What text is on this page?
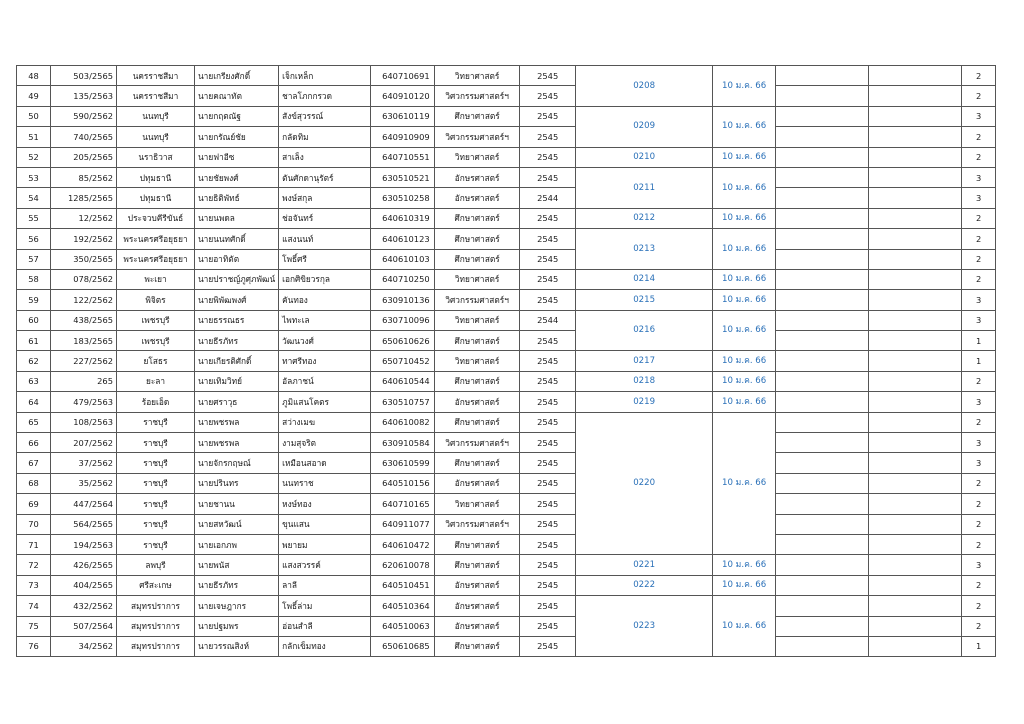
48	503/2565	นครราชสีมา	นายเกรียงศักดิ์	เจ็กเหล็ก	640710691	วิทยาศาสตร์	2545	0208	10 ม.ค. 66			2
49	135/2563	นครราชสีมา	นายคณาทัต	ชาลโภกกรวด	640910120	วิศวกรรมศาสตร์ฯ	2545					2
50	590/2562	นนทบุรี	นายกฤตณัฐ	สังข์สุวรรณ์	630610119	ศึกษาศาสตร์	2545	0209	10 ม.ค. 66			3
51	740/2565	นนทบุรี	นายกรัณย์ชัย	กลัดทิม	640910909	วิศวกรรมศาสตร์ฯ	2545					2
52	205/2565	นราธิวาส	นายฟาอีซ	สาเล็ง	640710551	วิทยาศาสตร์	2545	0210	10 ม.ค. 66			2
53	85/2562	ปทุมธานี	นายชัยพงศ์	ตันศักดานุรัตร์	630510521	อักษรศาสตร์	2545	0211	10 ม.ค. 66			3
54	1285/2565	ปทุมธานี	นายธิติพัทธ์	พงษ์สกุล	630510258	อักษรศาสตร์	2544					3
55	12/2562	ประจวบคีรีขันธ์	นายนพดล	ช่อจันทร์	640610319	ศึกษาศาสตร์	2545	0212	10 ม.ค. 66			2
56	192/2562	พระนครศรีอยุธยา	นายนนทศักดิ์	แสงนนท์	640610123	ศึกษาศาสตร์	2545	0213	10 ม.ค. 66			2
57	350/2565	พระนครศรีอยุธยา	นายอาทิตัต	โพธิ์ศรี	640610103	ศึกษาศาสตร์	2545					2
58	078/2562	พะเยา	นายปราชญ์ภูศุภพัฒน์	เอกศิขิยวรกุล	640710250	วิทยาศาสตร์	2545	0214	10 ม.ค. 66			2
59	122/2562	พิจิตร	นายพิพัฒพงศ์	คันทอง	630910136	วิศวกรรมศาสตร์ฯ	2545	0215	10 ม.ค. 66			3
60	438/2565	เพชรบุรี	นายธรรณธร	ไพทะเล	630710096	วิทยาศาสตร์	2544	0216	10 ม.ค. 66			3
61	183/2565	เพชรบุรี	นายธีรภัทร	วัฒนวงศ์	650610626	ศึกษาศาสตร์	2545					1
62	227/2562	ยโสธร	นายเกียรติศักดิ์	ทาศรีทอง	650710452	วิทยาศาสตร์	2545	0217	10 ม.ค. 66			1
63	265	ยะลา	นายเทิมวิทย์	อัลภาชน์	640610544	ศึกษาศาสตร์	2545	0218	10 ม.ค. 66			2
64	479/2563	ร้อยเอ็ด	นายศราวุธ	ภูมิแสนโคตร	630510757	อักษรศาสตร์	2545	0219	10 ม.ค. 66			3
65	108/2563	ราชบุรี	นายพชรพล	สว่างเมฆ	640610082	ศึกษาศาสตร์	2545	0220	10 ม.ค. 66			2
66	207/2562	ราชบุรี	นายพชรพล	งามสุจริต	630910584	วิศวกรรมศาสตร์ฯ	2545					3
67	37/2562	ราชบุรี	นายจักรกฤษณ์	เหมือนสอาด	630610599	ศึกษาศาสตร์	2545					3
68	35/2562	ราชบุรี	นายปรินทร	นนทราช	640510156	อักษรศาสตร์	2545					2
69	447/2564	ราชบุรี	นายชานน	หงษ์ทอง	640710165	วิทยาศาสตร์	2545					2
70	564/2565	ราชบุรี	นายสหวัฒน์	ขุนแสน	640911077	วิศวกรรมศาสตร์ฯ	2545					2
71	194/2563	ราชบุรี	นายเอกภพ	พยายม	640610472	ศึกษาศาสตร์	2545					2
72	426/2565	ลพบุรี	นายพนัส	แสงสวรรค์	620610078	ศึกษาศาสตร์	2545	0221	10 ม.ค. 66			3
73	404/2565	ศรีสะเกษ	นายธีรภัทร	ลาลี	640510451	อักษรศาสตร์	2545	0222	10 ม.ค. 66			2
74	432/2562	สมุทรปราการ	นายเจษฎากร	โพธิ์ล่าม	640510364	อักษรศาสตร์	2545	0223	10 ม.ค. 66			2
75	507/2564	สมุทรปราการ	นายปฐมพร	อ่อนสำลี	640510063	อักษรศาสตร์	2545					2
76	34/2562	สมุทรปราการ	นายวรรณสิงห์	กลักเข็มทอง	650610685	ศึกษาศาสตร์	2545					1
